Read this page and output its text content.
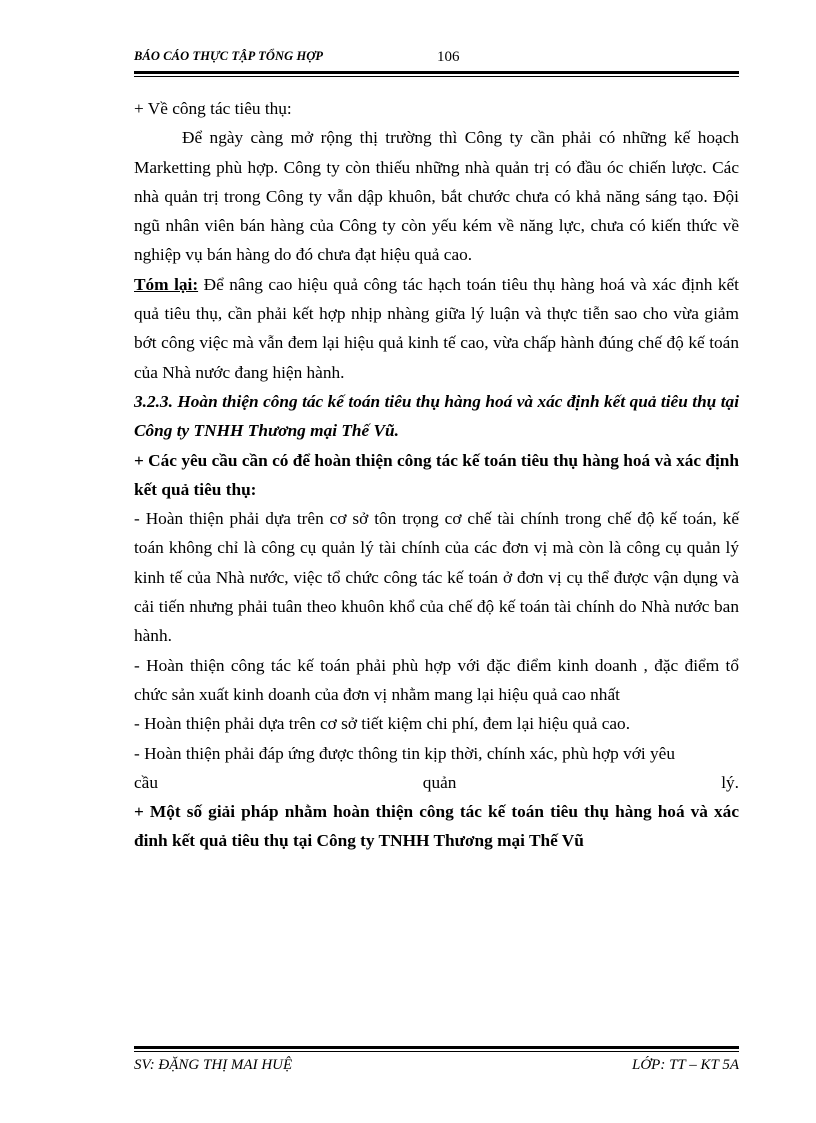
BÁO CÁO THỰC TẬP TỔNG HỢP	106

+ Về công tác tiêu thụ:

Để ngày càng mở rộng thị trường thì Công ty cần phải có những kế hoạch Marketting phù hợp. Công ty còn thiếu những nhà quản trị có đầu óc chiến lược. Các nhà quản trị trong Công ty vẫn dập khuôn, bắt chước chưa có khả năng sáng tạo. Đội ngũ nhân viên bán hàng của Công ty còn yếu kém về năng lực, chưa có kiến thức về nghiệp vụ bán hàng do đó chưa đạt hiệu quả cao.

Tóm lại: Để nâng cao hiệu quả công tác hạch toán tiêu thụ hàng hoá và xác định kết quả tiêu thụ, cần phải kết hợp nhịp nhàng giữa lý luận và thực tiễn sao cho vừa giảm bớt công việc mà vẫn đem lại hiệu quả kinh tế cao, vừa chấp hành đúng chế độ kế toán của Nhà nước đang hiện hành.

3.2.3. Hoàn thiện công tác kế toán tiêu thụ hàng hoá và xác định kết quả tiêu thụ tại Công ty TNHH Thương mại Thế Vũ.

+ Các yêu cầu cần có để hoàn thiện công tác kế toán tiêu thụ hàng hoá và xác định kết quả tiêu thụ:

- Hoàn thiện phải dựa trên cơ sở tôn trọng cơ chế tài chính trong chế độ kế toán, kế toán không chỉ là công cụ quản lý tài chính của các đơn vị mà còn là công cụ quản lý kinh tế của Nhà nước, việc tổ chức công tác kế toán ở đơn vị cụ thể được vận dụng và cải tiến nhưng phải tuân theo khuôn khổ của chế độ kế toán tài chính do Nhà nước ban hành.

- Hoàn thiện công tác kế toán phải phù hợp với đặc điểm kinh doanh , đặc điểm tổ chức sản xuất kinh doanh của đơn vị nhằm mang lại hiệu quả cao nhất

- Hoàn thiện phải dựa trên cơ sở tiết kiệm chi phí, đem lại hiệu quả cao.

- Hoàn thiện phải đáp ứng được thông tin kịp thời, chính xác, phù hợp với yêu

cầu quản lý.

+ Một số giải pháp nhằm hoàn thiện công tác kế toán tiêu thụ hàng hoá và xác đinh kết quả tiêu thụ tại Công ty TNHH Thương mại Thế Vũ

SV: ĐẶNG THỊ MAI HUỆ	LỚP: TT – KT 5A
